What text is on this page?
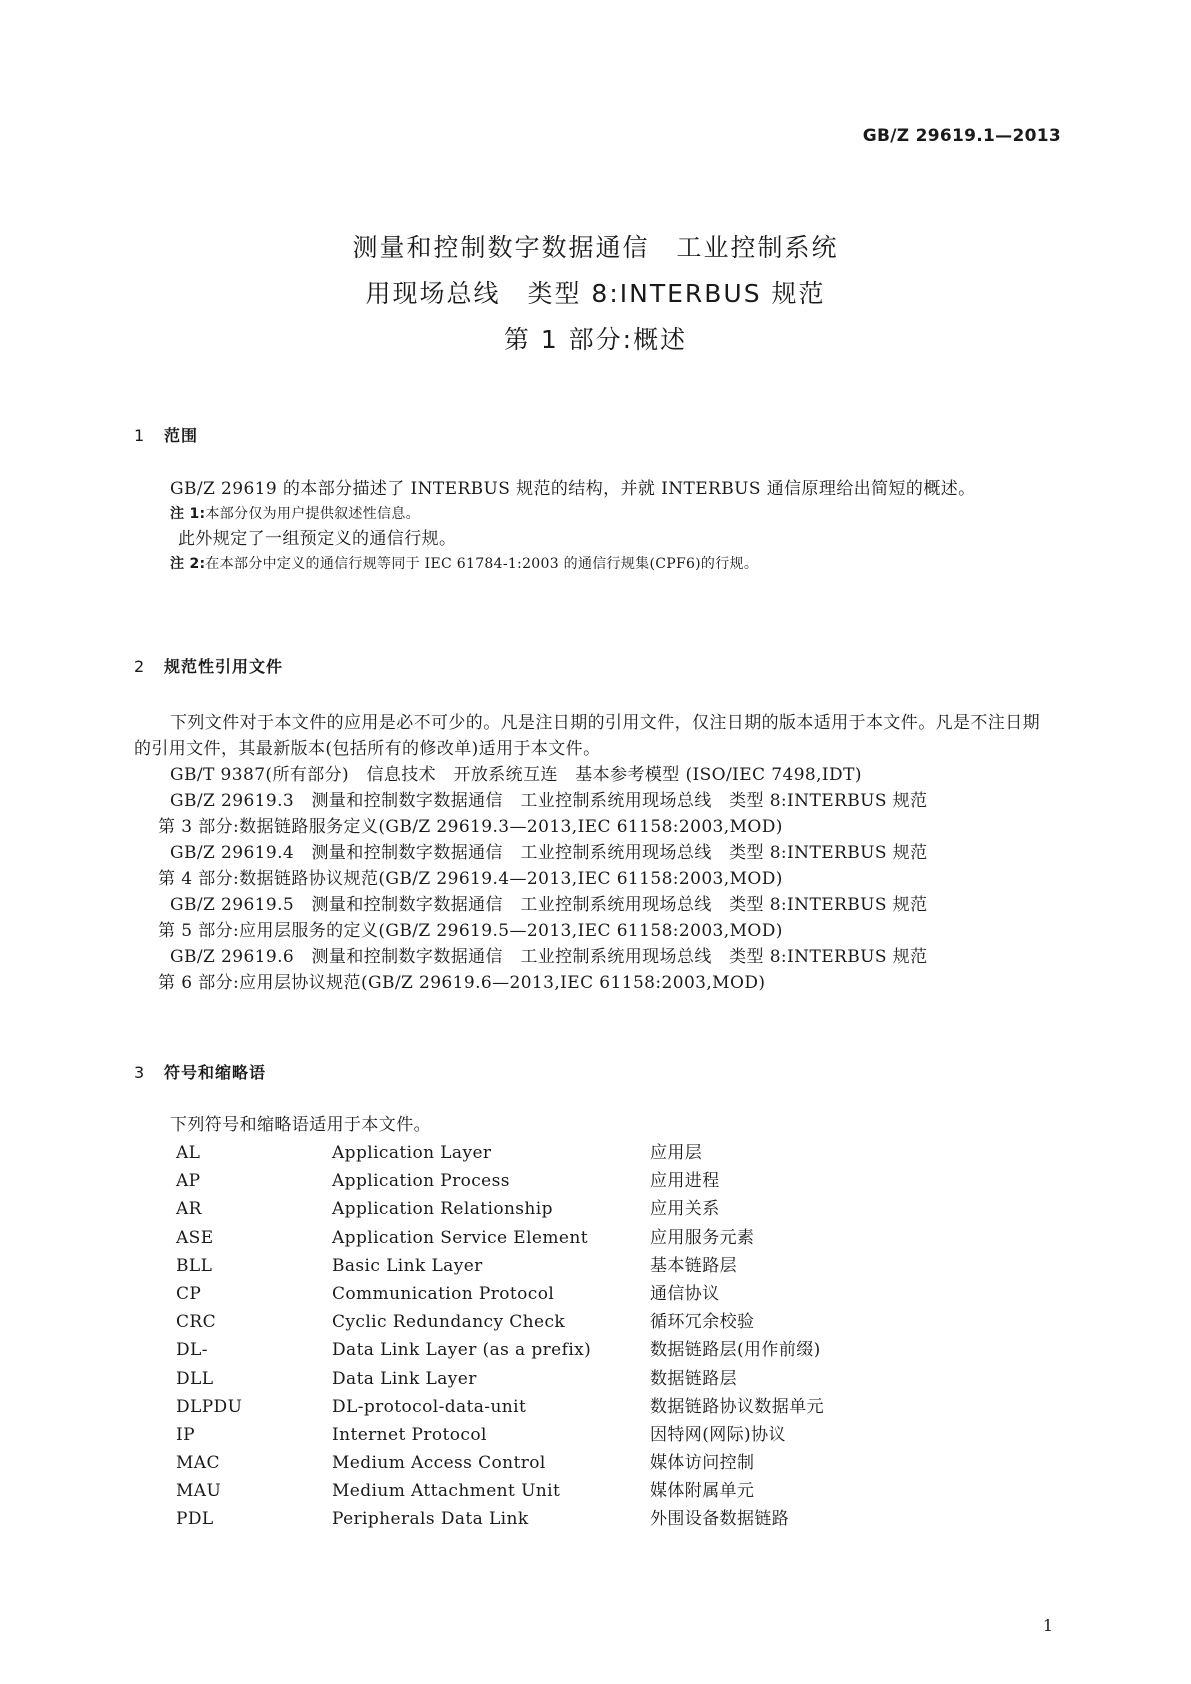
GB/Z 29619.1—2013
测量和控制数字数据通信　工业控制系统
用现场总线　类型 8:INTERBUS 规范
第 1 部分:概述
1 范围

GB/Z 29619 的本部分描述了 INTERBUS 规范的结构，并就 INTERBUS 通信原理给出简短的概述。

注 1:本部分仅为用户提供叙述性信息。

此外规定了一组预定义的通信行规。

注 2:在本部分中定义的通信行规等同于 IEC 61784-1:2003 的通信行规集(CPF6)的行规。

2 规范性引用文件

下列文件对于本文件的应用是必不可少的。凡是注日期的引用文件，仅注日期的版本适用于本文件。凡是不注日期的引用文件，其最新版本(包括所有的修改单)适用于本文件。

GB/T 9387(所有部分)　信息技术　开放系统互连　基本参考模型 (ISO/IEC 7498,IDT)

GB/Z 29619.3　测量和控制数字数据通信　工业控制系统用现场总线　类型 8:INTERBUS 规范

第 3 部分:数据链路服务定义(GB/Z 29619.3—2013,IEC 61158:2003,MOD)

GB/Z 29619.4　测量和控制数字数据通信　工业控制系统用现场总线　类型 8:INTERBUS 规范

第 4 部分:数据链路协议规范(GB/Z 29619.4—2013,IEC 61158:2003,MOD)

GB/Z 29619.5　测量和控制数字数据通信　工业控制系统用现场总线　类型 8:INTERBUS 规范

第 5 部分:应用层服务的定义(GB/Z 29619.5—2013,IEC 61158:2003,MOD)

GB/Z 29619.6　测量和控制数字数据通信　工业控制系统用现场总线　类型 8:INTERBUS 规范

第 6 部分:应用层协议规范(GB/Z 29619.6—2013,IEC 61158:2003,MOD)

3 符号和缩略语

下列符号和缩略语适用于本文件。

AL	Application Layer	应用层
AP	Application Process	应用进程
AR	Application Relationship	应用关系
ASE	Application Service Element	应用服务元素
BLL	Basic Link Layer	基本链路层
CP	Communication Protocol	通信协议
CRC	Cyclic Redundancy Check	循环冗余校验
DL-	Data Link Layer (as a prefix)	数据链路层(用作前缀)
DLL	Data Link Layer	数据链路层
DLPDU	DL-protocol-data-unit	数据链路协议数据单元
IP	Internet Protocol	因特网(网际)协议
MAC	Medium Access Control	媒体访问控制
MAU	Medium Attachment Unit	媒体附属单元
PDL	Peripherals Data Link	外围设备数据链路
1
